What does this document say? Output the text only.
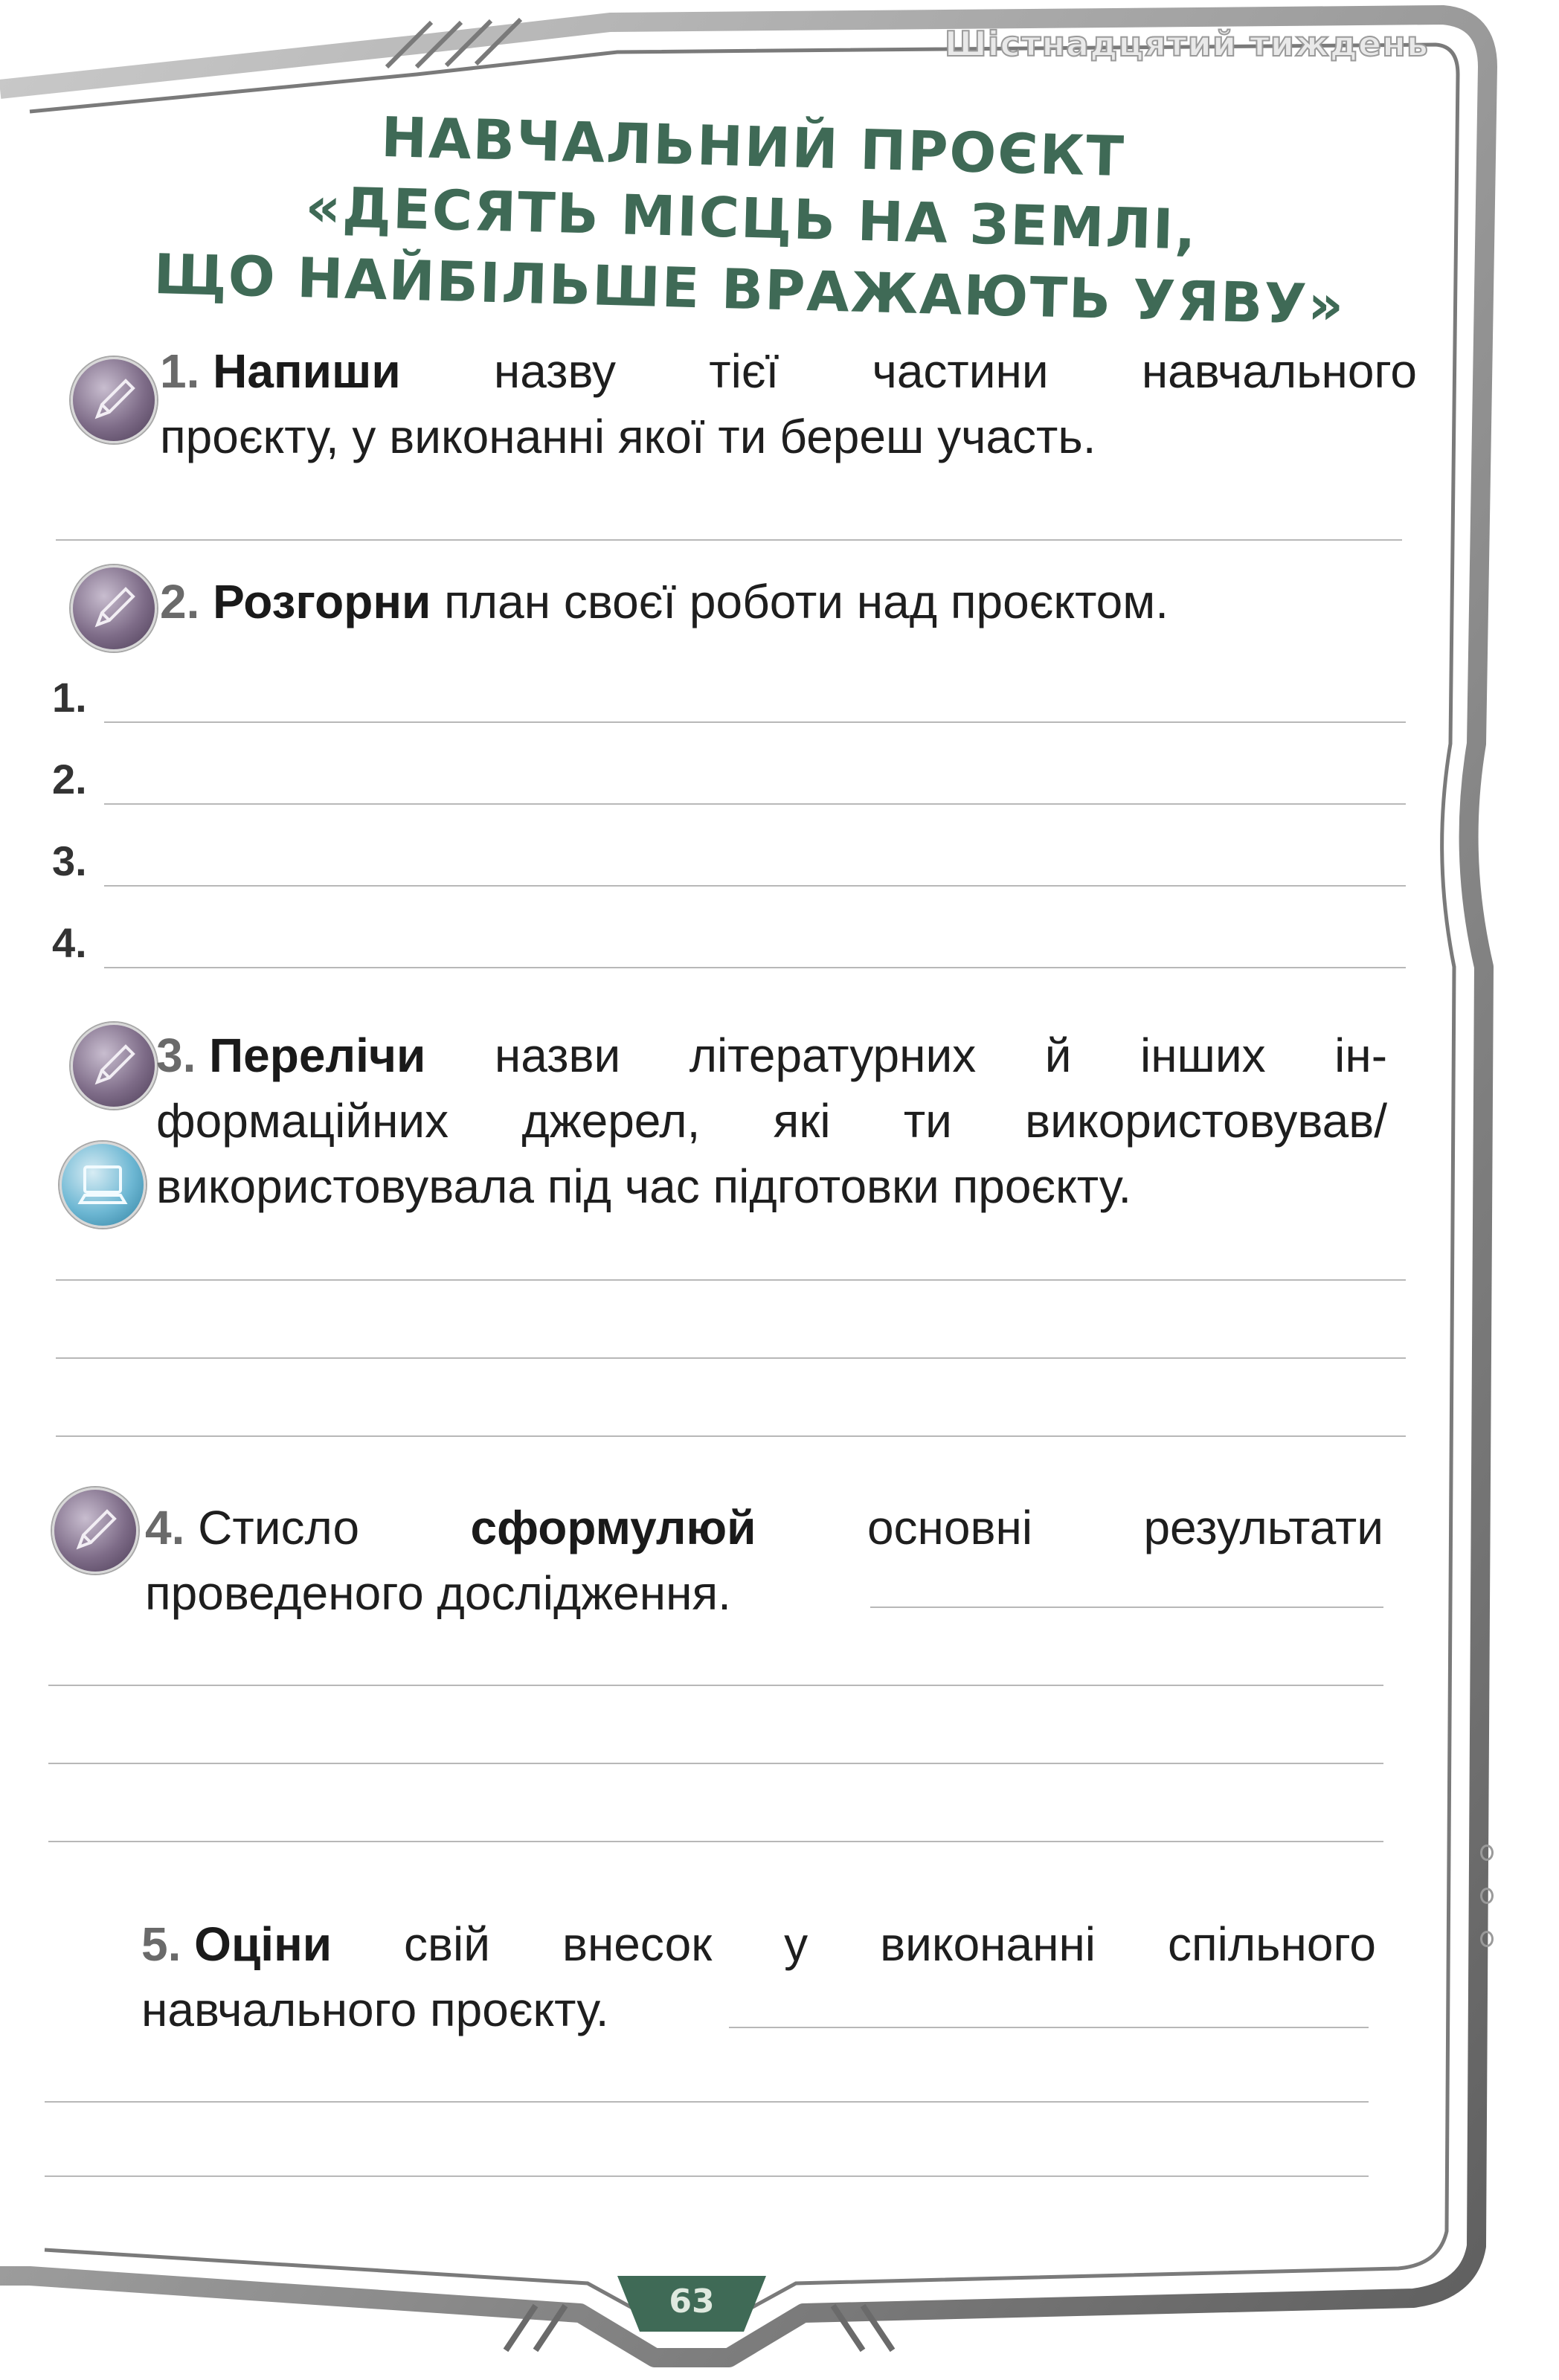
Шістнадцятий тиждень
НАВЧАЛЬНИЙ ПРОЄКТ
«ДЕСЯТЬ МІСЦЬ НА ЗЕМЛІ,
ЩО НАЙБІЛЬШЕ ВРАЖАЮТЬ УЯВУ»
1. Напиши назву тієї частини навчального

проєкту, у виконанні якої ти береш участь.

2. Розгорни план своєї роботи над проєктом.

1.
2.
3.
4.
3. Перелічи назви літературних й інших ін-
формаційних джерел, які ти використовував/

використовувала під час підготовки проєкту.

4. Стисло сформулюй основні результати

проведеного дослідження.

5. Оціни свій внесок у виконанні спільного

навчального проєкту.

63
